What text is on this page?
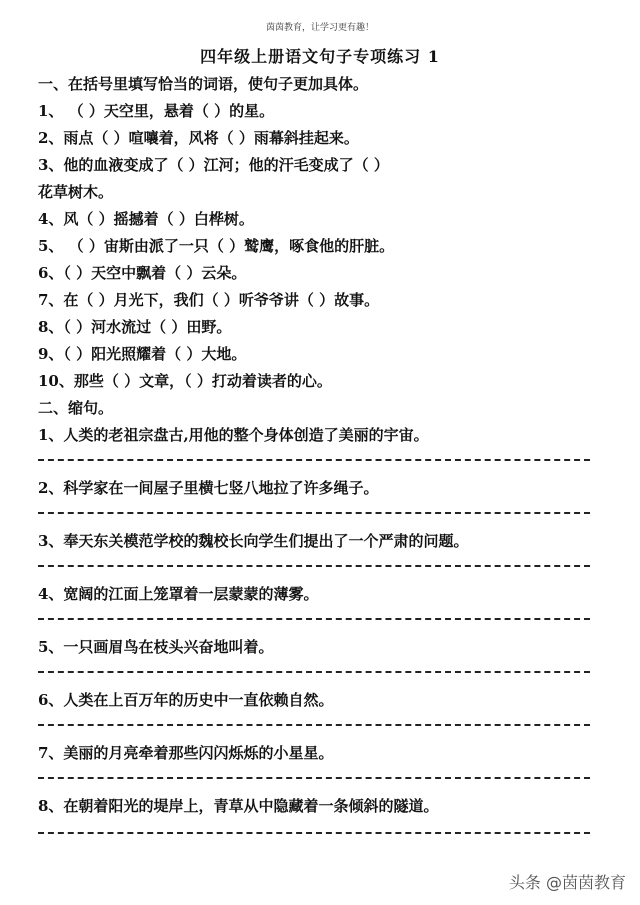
茵茵教育，让学习更有趣！
四年级上册语文句子专项练习 1
一、在括号里填写恰当的词语，使句子更加具体。
1、 （ ）天空里，悬着（ ）的星。
2、雨点（ ）喧嚷着，风将（ ）雨幕斜挂起来。
3、他的血液变成了（ ）江河；他的汗毛变成了（ ）
花草树木。
4、风（ ）摇撼着（ ）白桦树。
5、 （ ）宙斯由派了一只（ ）鹫鹰，啄食他的肝脏。
6、（ ）天空中飘着（ ）云朵。
7、在（ ）月光下，我们（ ）听爷爷讲（ ）故事。
8、（ ）河水流过（ ）田野。
9、（ ）阳光照耀着（ ）大地。
10、那些（ ）文章，（ ）打动着读者的心。
二、缩句。
1、人类的老祖宗盘古,用他的整个身体创造了美丽的宇宙。
2、科学家在一间屋子里横七竖八地拉了许多绳子。
3、奉天东关模范学校的魏校长向学生们提出了一个严肃的问题。
4、宽阔的江面上笼罩着一层蒙蒙的薄雾。
5、一只画眉鸟在枝头兴奋地叫着。
6、人类在上百万年的历史中一直依赖自然。
7、美丽的月亮牵着那些闪闪烁烁的小星星。
8、在朝着阳光的堤岸上，青草从中隐藏着一条倾斜的隧道。
头条 @茵茵教育
